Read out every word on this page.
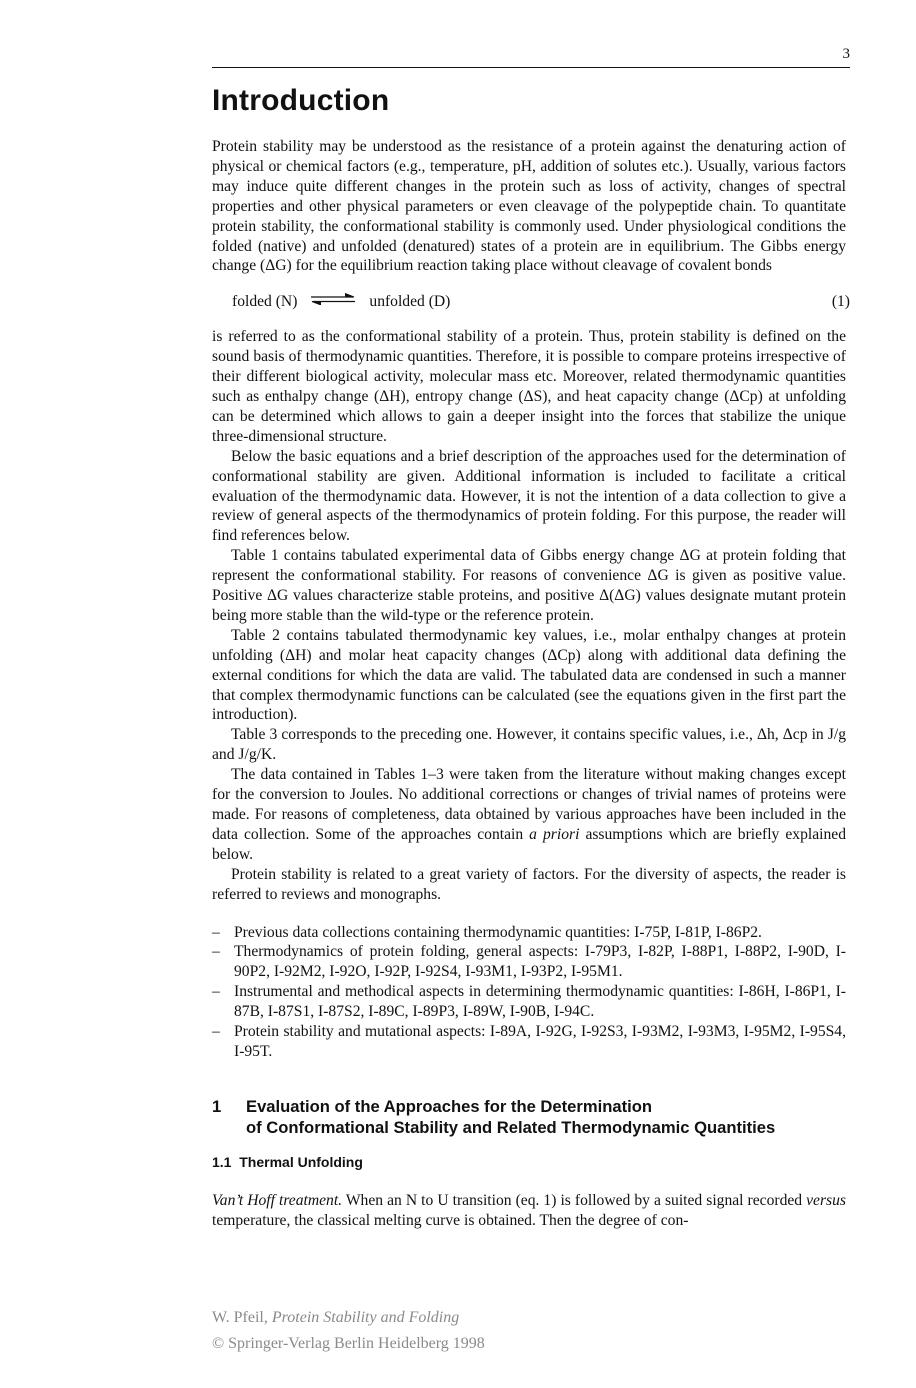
3
Introduction

Protein stability may be understood as the resistance of a protein against the denaturing action of physical or chemical factors (e.g., temperature, pH, addition of solutes etc.). Usually, various factors may induce quite different changes in the protein such as loss of activity, changes of spectral properties and other physical parameters or even cleavage of the polypeptide chain. To quantitate protein stability, the conformational stability is commonly used. Under physiological conditions the folded (native) and unfolded (denatured) states of a protein are in equilibrium. The Gibbs energy change (ΔG) for the equilibrium reaction taking place without cleavage of covalent bonds

folded (N) ⇌ unfolded (D)	(1)

is referred to as the conformational stability of a protein. Thus, protein stability is defined on the sound basis of thermodynamic quantities. Therefore, it is possible to compare proteins irrespective of their different biological activity, molecular mass etc. Moreover, related thermodynamic quantities such as enthalpy change (ΔH), entropy change (ΔS), and heat capacity change (ΔCp) at unfolding can be determined which allows to gain a deeper insight into the forces that stabilize the unique three-dimensional structure.

Below the basic equations and a brief description of the approaches used for the determination of conformational stability are given. Additional information is included to facilitate a critical evaluation of the thermodynamic data. However, it is not the intention of a data collection to give a review of general aspects of the thermodynamics of protein folding. For this purpose, the reader will find references below.

Table 1 contains tabulated experimental data of Gibbs energy change ΔG at protein folding that represent the conformational stability. For reasons of convenience ΔG is given as positive value. Positive ΔG values characterize stable proteins, and positive Δ(ΔG) values designate mutant protein being more stable than the wild-type or the reference protein.

Table 2 contains tabulated thermodynamic key values, i.e., molar enthalpy changes at protein unfolding (ΔH) and molar heat capacity changes (ΔCp) along with additional data defining the external conditions for which the data are valid. The tabulated data are condensed in such a manner that complex thermodynamic functions can be calculated (see the equations given in the first part the introduction).

Table 3 corresponds to the preceding one. However, it contains specific values, i.e., Δh, Δcp in J/g and J/g/K.

The data contained in Tables 1–3 were taken from the literature without making changes except for the conversion to Joules. No additional corrections or changes of trivial names of proteins were made. For reasons of completeness, data obtained by various approaches have been included in the data collection. Some of the approaches contain a priori assumptions which are briefly explained below.

Protein stability is related to a great variety of factors. For the diversity of aspects, the reader is referred to reviews and monographs.

– Previous data collections containing thermodynamic quantities: I-75P, I-81P, I-86P2.
– Thermodynamics of protein folding, general aspects: I-79P3, I-82P, I-88P1, I-88P2, I-90D, I-90P2, I-92M2, I-92O, I-92P, I-92S4, I-93M1, I-93P2, I-95M1.
– Instrumental and methodical aspects in determining thermodynamic quantities: I-86H, I-86P1, I-87B, I-87S1, I-87S2, I-89C, I-89P3, I-89W, I-90B, I-94C.
– Protein stability and mutational aspects: I-89A, I-92G, I-92S3, I-93M2, I-93M3, I-95M2, I-95S4, I-95T.
1	Evaluation of the Approaches for the Determination
of Conformational Stability and Related Thermodynamic Quantities
1.1 Thermal Unfolding

Van’t Hoff treatment. When an N to U transition (eq. 1) is followed by a suited signal recorded versus temperature, the classical melting curve is obtained. Then the degree of con-

W. Pfeil, Protein Stability and Folding
© Springer-Verlag Berlin Heidelberg 1998
